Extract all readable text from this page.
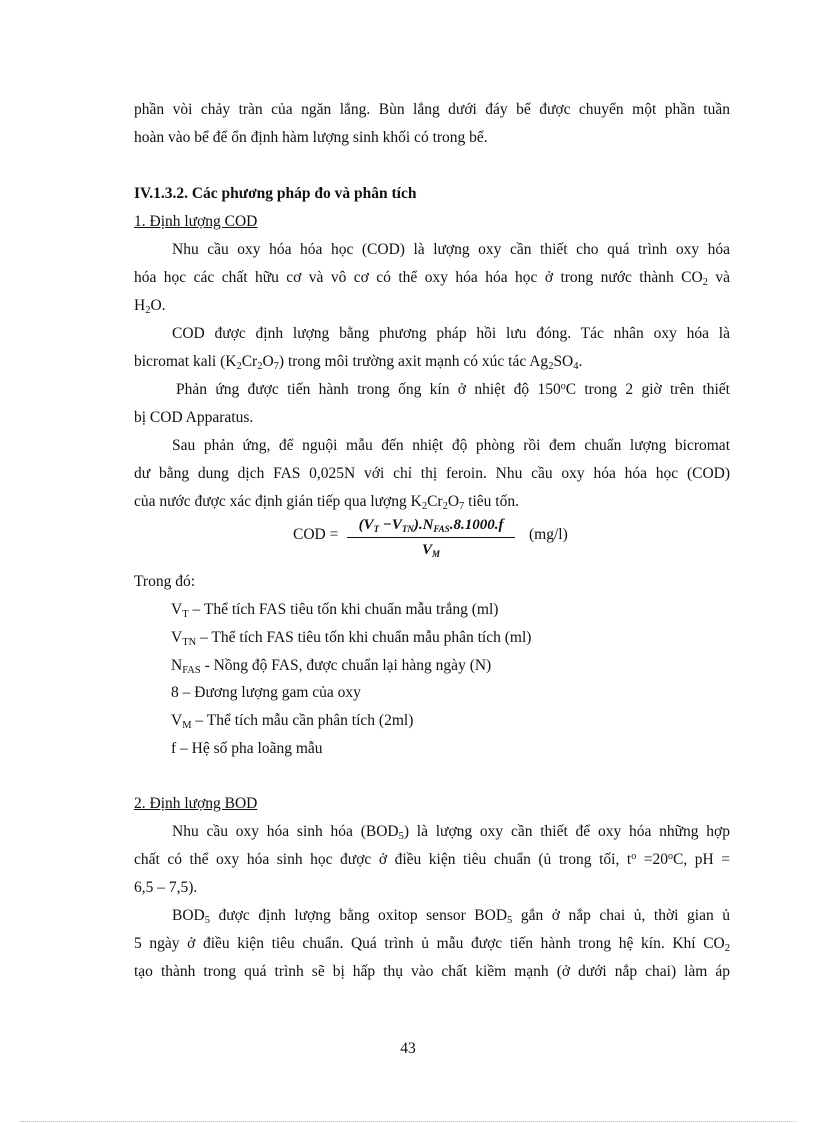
phần vòi chảy tràn của ngăn lắng. Bùn lắng dưới đáy bể được chuyển một phần tuần
hoàn vào bể để ổn định hàm lượng sinh khối có trong bể.
IV.1.3.2. Các phương pháp đo và phân tích
1. Định lượng COD
Nhu cầu oxy hóa hóa học (COD) là lượng oxy cần thiết cho quá trình oxy hóa
hóa học các chất hữu cơ và vô cơ có thể oxy hóa hóa học ở trong nước thành $CO_2$ và
$H_2O$.
COD được định lượng bằng phương pháp hồi lưu đóng. Tác nhân oxy hóa là
bicromat kali $(K_2Cr_2O_7)$ trong môi trường axit mạnh có xúc tác $Ag_2SO_4$.
Phản ứng được tiến hành trong ống kín ở nhiệt độ 150$^o$C trong 2 giờ trên thiết
bị COD Apparatus.
Sau phản ứng, để nguội mẫu đến nhiệt độ phòng rồi đem chuẩn lượng bicromat
dư bằng dung dịch FAS 0,025N với chỉ thị feroin. Nhu cầu oxy hóa hóa học (COD)
của nước được xác định gián tiếp qua lượng $K_2Cr_2O_7$ tiêu tốn.
COD =
$(V_T -V_{TN}).N_{FAS}.8.1000.f$
$V_M$
(mg/l)
Trong đó:
$V_T$ – Thể tích FAS tiêu tốn khi chuẩn mẫu trắng (ml)
$V_{TN}$ – Thể tích FAS tiêu tốn khi chuẩn mẫu phân tích (ml)
$N_{FAS}$ - Nồng độ FAS, được chuẩn lại hàng ngày (N)
8 – Đương lượng gam của oxy
$V_M$ – Thể tích mẫu cần phân tích (2ml)
f – Hệ số pha loãng mẫu
2. Định lượng BOD
Nhu cầu oxy hóa sinh hóa $(BOD_5)$ là lượng oxy cần thiết để oxy hóa những hợp
chất có thể oxy hóa sinh học được ở điều kiện tiêu chuẩn (ủ trong tối, $t^o =20^oC$, pH =
6,5 – 7,5).
$BOD_5$ được định lượng bằng oxitop sensor $BOD_5$ gắn ở nắp chai ủ, thời gian ủ
5 ngày ở điều kiện tiêu chuẩn. Quá trình ủ mẫu được tiến hành trong hệ kín. Khí $CO_2$
tạo thành trong quá trình sẽ bị hấp thụ vào chất kiềm mạnh (ở dưới nắp chai) làm áp
43
